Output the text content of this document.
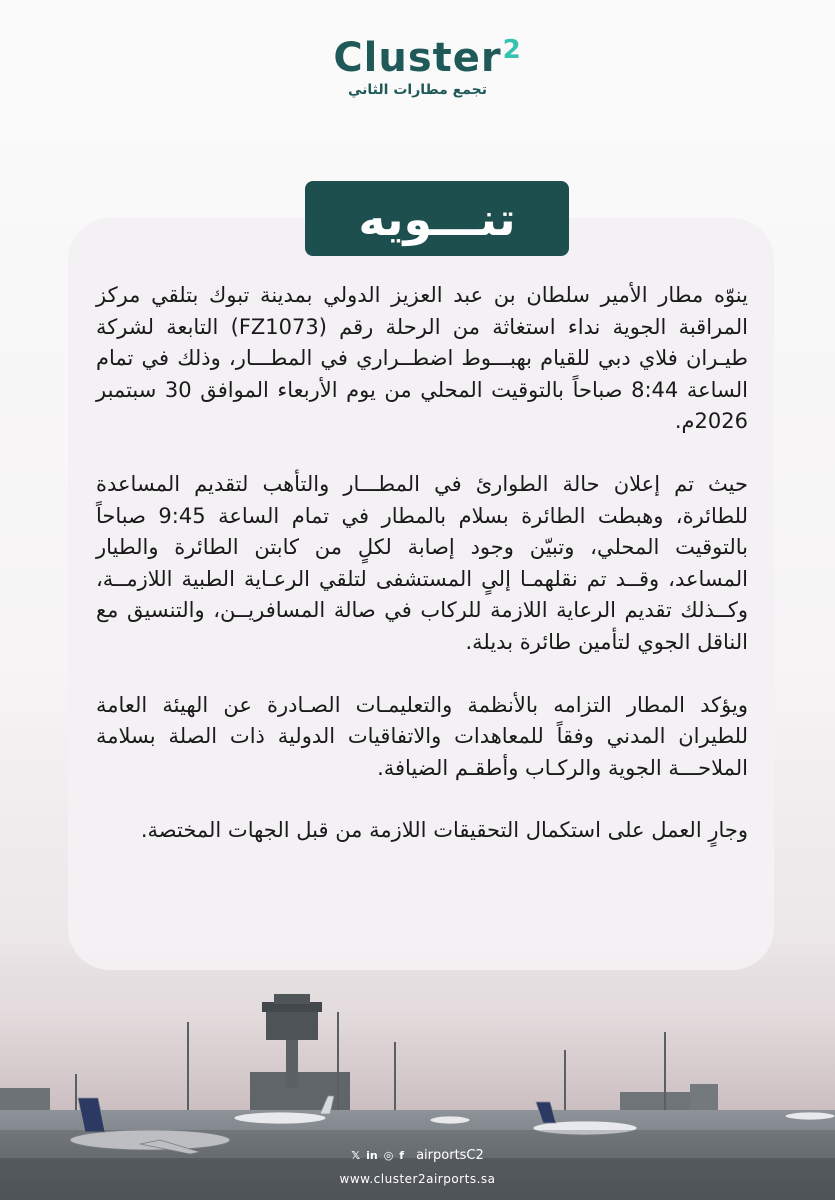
Cluster 2
تجمع مطارات الثاني
تنـــويه

ينوّه مطار الأمير سلطان بن عبد العزيز الدولي بمدينة تبوك بتلقي مركز المراقبة الجوية نداء استغاثة من الرحلة رقم (FZ1073) التابعة لشركة طيـران فلاي دبي للقيام بهبـــوط اضطــراري في المطـــار، وذلك في تمام الساعة 8:44 صباحاً بالتوقيت المحلي من يوم الأربعاء الموافق 30 سبتمبر 2026م.

حيث تم إعلان حالة الطوارئ في المطـــار والتأهب لتقديم المساعدة للطائرة، وهبطت الطائرة بسلام بالمطار في تمام الساعة 9:45 صباحاً بالتوقيت المحلي، وتبيّن وجود إصابة لكلٍ من كابتن الطائرة والطيار المساعد، وقــد تم نقلهمـا إلىٍ المستشفى لتلقي الرعـاية الطبية اللازمــة، وكــذلك تقديم الرعاية اللازمة للركاب في صالة المسافريــن، والتنسيق مع الناقل الجوي لتأمين طائرة بديلة.

ويؤكد المطار التزامه بالأنظمة والتعليمـات الصـادرة عن الهيئة العامة للطيران المدني وفقاً للمعاهدات والاتفاقيات الدولية ذات الصلة بسلامة الملاحـــة الجوية والركـاب وأطقـم الضيافة.

وجارٍ العمل على استكمال التحقيقات اللازمة من قبل الجهات المختصة.

𝕏 in ◎ f airportsC2
www.cluster2airports.sa
